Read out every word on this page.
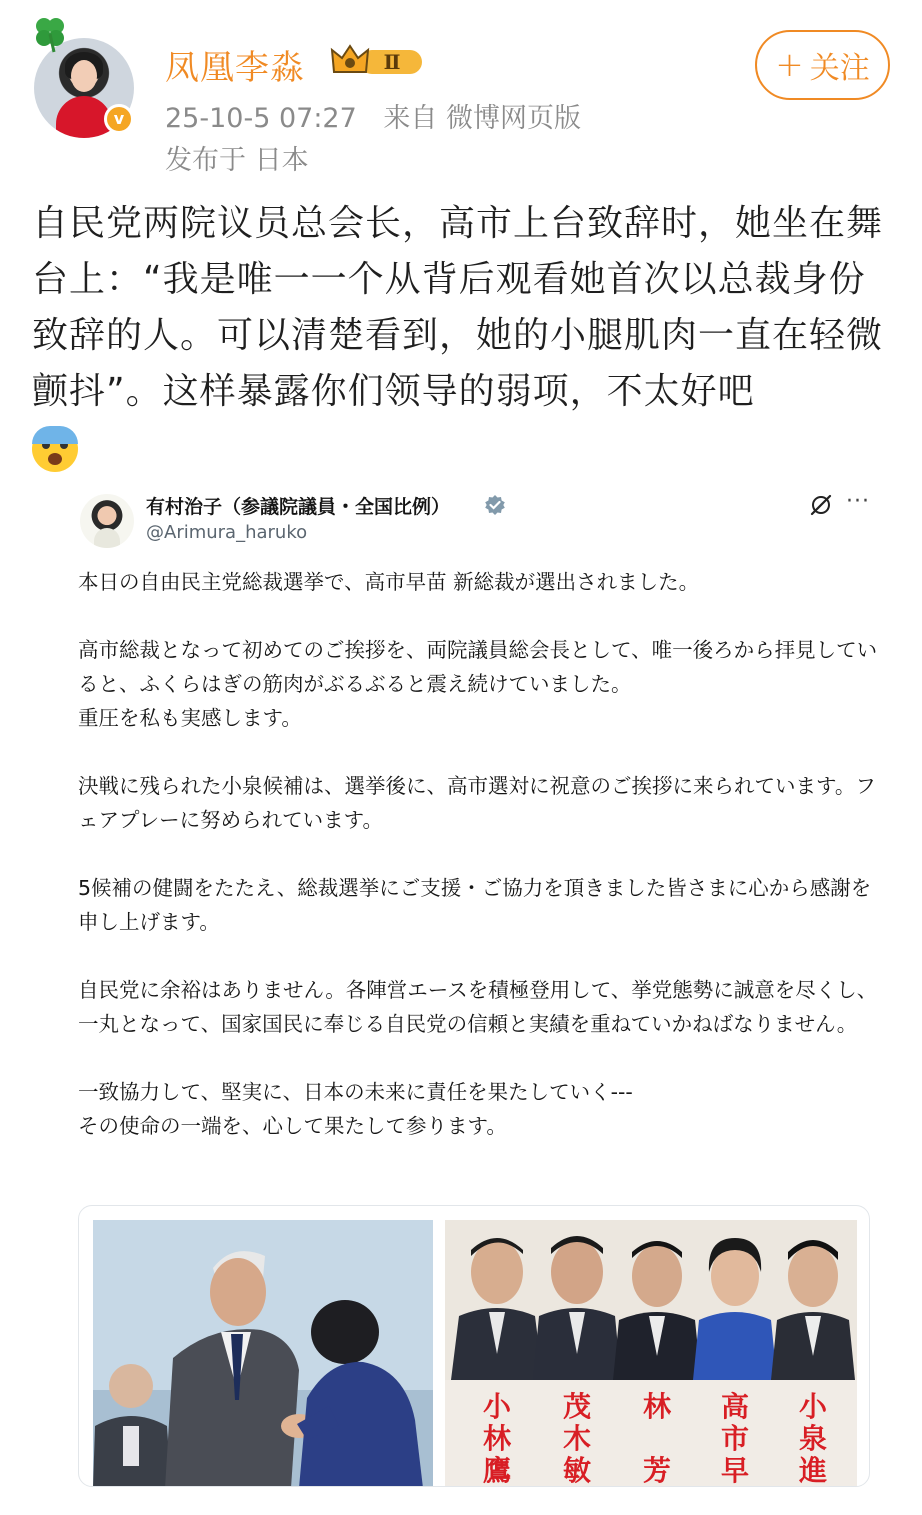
v
凤凰李淼	Ⅱ
25-10-5 07:27 来自 微博网页版
发布于 日本
+ 关注
自民党两院议员总会长，高市上台致辞时，她坐在舞台上：“我是唯一一个从背后观看她首次以总裁身份致辞的人。可以清楚看到，她的小腿肌肉一直在轻微颤抖”。这样暴露你们领导的弱项，不太好吧

有村治子（参議院議員・全国比例）
@Arimura_haruko
···

本日の自由民主党総裁選挙で、高市早苗 新総裁が選出されました。

高市総裁となって初めてのご挨拶を、両院議員総会長として、唯一後ろから拝見していると、ふくらはぎの筋肉がぶるぶると震え続けていました。
重圧を私も実感します。

決戦に残られた小泉候補は、選挙後に、高市選対に祝意のご挨拶に来られています。フェアプレーに努められています。

5候補の健闘をたたえ、総裁選挙にご支援・ご協力を頂きました皆さまに心から感謝を申し上げます。

自民党に余裕はありません。各陣営エースを積極登用して、挙党態勢に誠意を尽くし、一丸となって、国家国民に奉じる自民党の信頼と実績を重ねていかねばなりません。

一致協力して、堅実に、日本の未来に責任を果たしていく---
その使命の一端を、心して果たして参ります。

小
林
鷹
茂
木
敏
林
芳
高
市
早
小
泉
進
